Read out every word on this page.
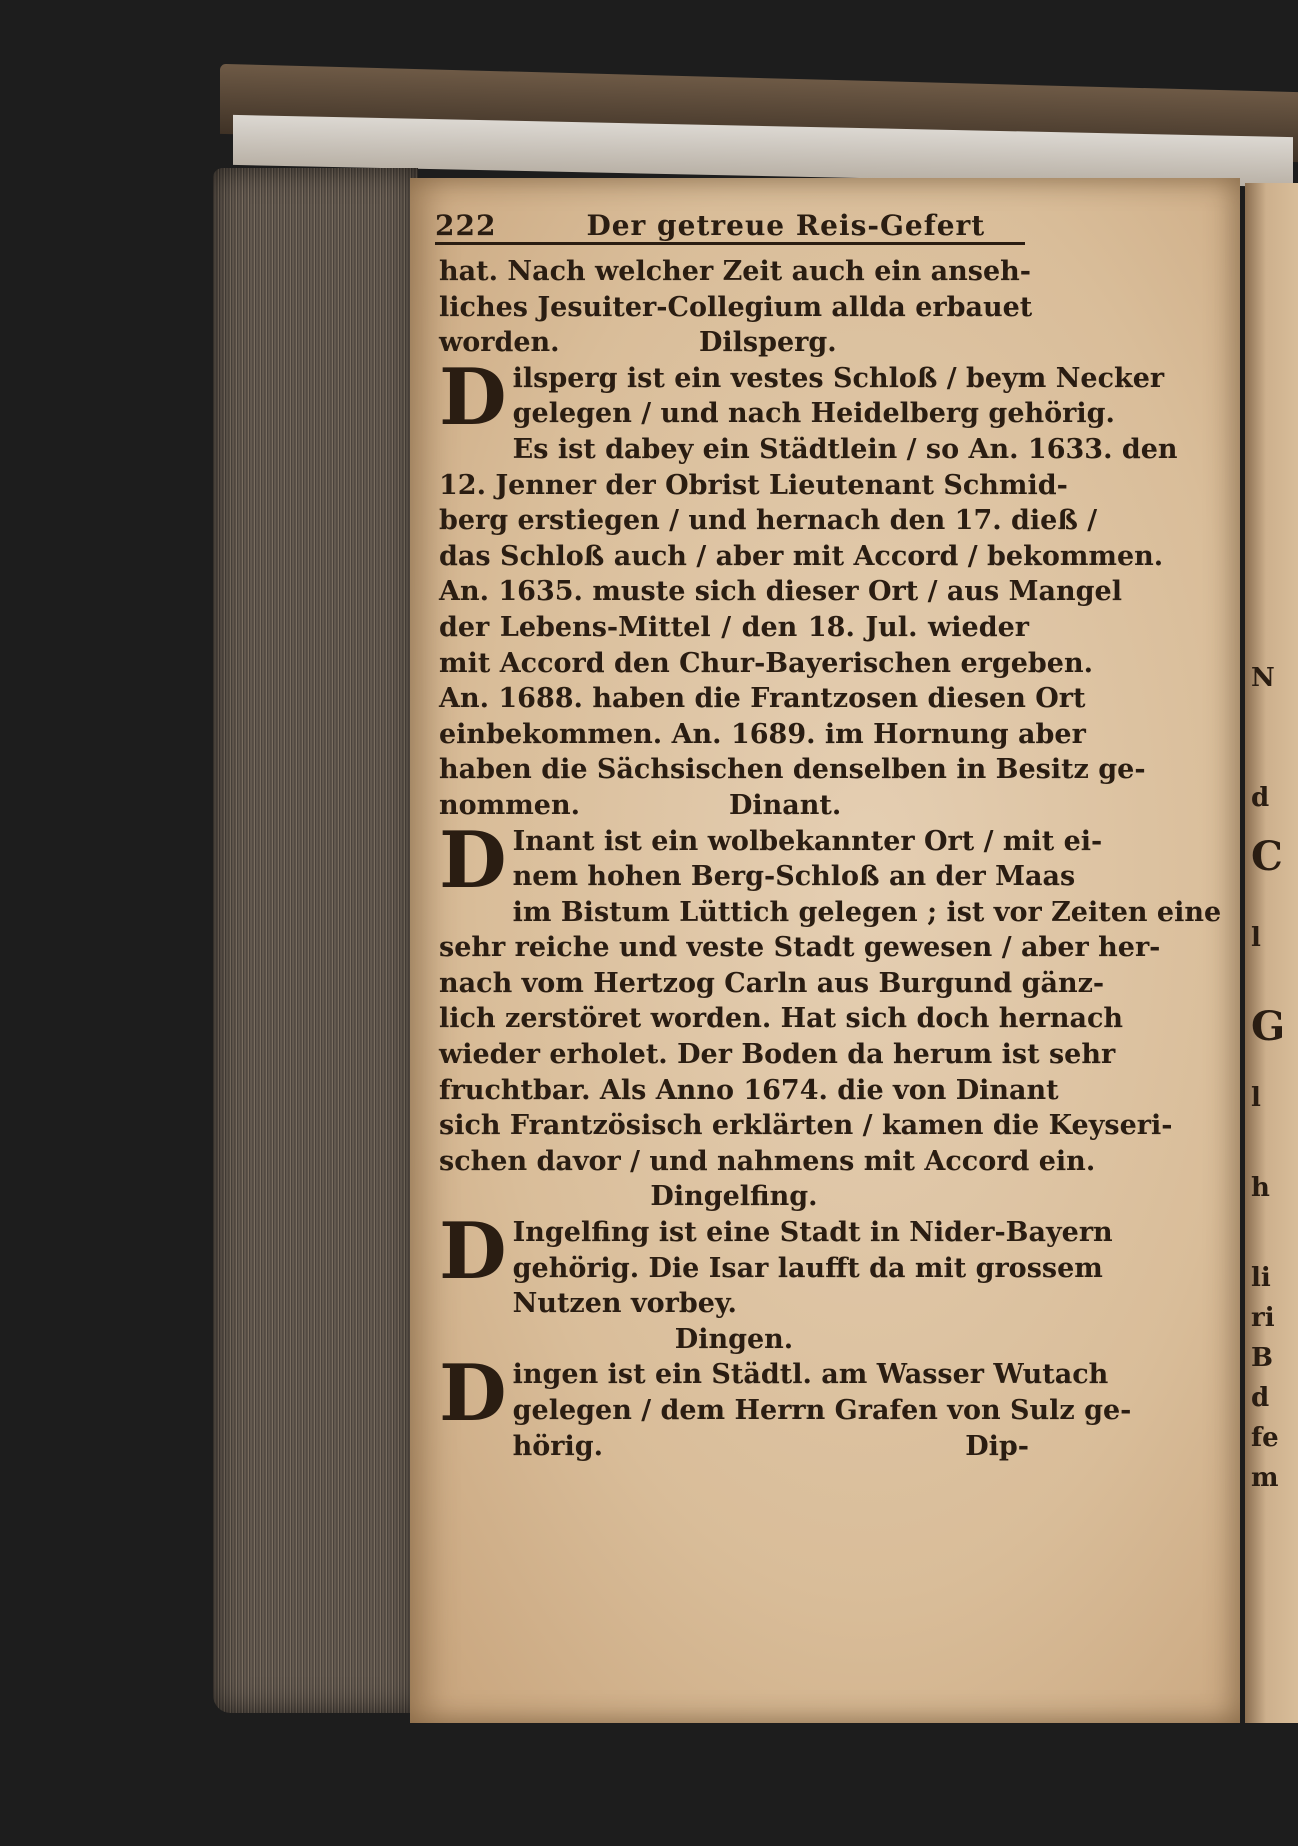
222	Der getreue Reis-Gefert
hat. Nach welcher Zeit auch ein anseh-
liches Jesuiter-Collegium allda erbauet
worden.	Dilsperg.
D ilsperg ist ein vestes Schloß / beym Necker
gelegen / und nach Heidelberg gehörig.
Es ist dabey ein Städtlein / so An. 1633. den
12. Jenner der Obrist Lieutenant Schmid-
berg erstiegen / und hernach den 17. dieß /
das Schloß auch / aber mit Accord / bekommen.
An. 1635. muste sich dieser Ort / aus Mangel
der Lebens-Mittel / den 18. Jul. wieder
mit Accord den Chur-Bayerischen ergeben.
An. 1688. haben die Frantzosen diesen Ort
einbekommen. An. 1689. im Hornung aber
haben die Sächsischen denselben in Besitz ge-
nommen.	Dinant.
D Inant ist ein wolbekannter Ort / mit ei-
nem hohen Berg-Schloß an der Maas
im Bistum Lüttich gelegen ; ist vor Zeiten eine
sehr reiche und veste Stadt gewesen / aber her-
nach vom Hertzog Carln aus Burgund gänz-
lich zerstöret worden. Hat sich doch hernach
wieder erholet. Der Boden da herum ist sehr
fruchtbar. Als Anno 1674. die von Dinant
sich Frantzösisch erklärten / kamen die Keyseri-
schen davor / und nahmens mit Accord ein.
Dingelfing.
D Ingelfing ist eine Stadt in Nider-Bayern
gehörig. Die Isar laufft da mit grossem
Nutzen vorbey.
Dingen.
D ingen ist ein Städtl. am Wasser Wutach
gelegen / dem Herrn Grafen von Sulz ge-
hörig.	Dip-
N
d
C
l
G
l
h
li
ri
B
d
fe
m
